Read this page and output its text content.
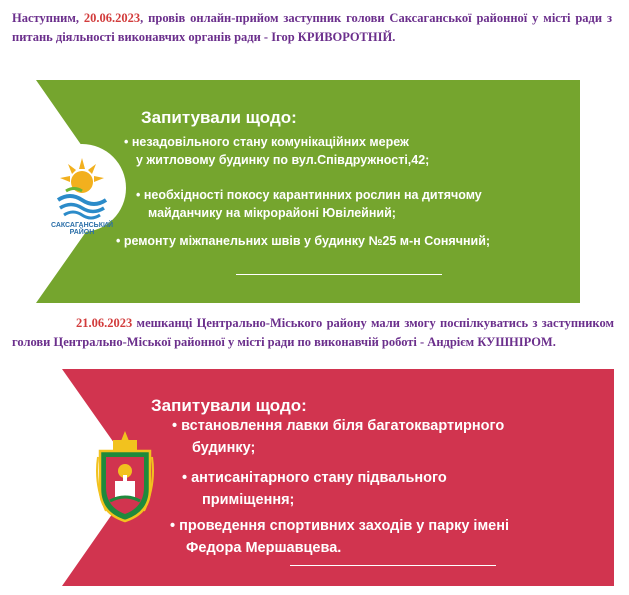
Наступним, 20.06.2023, провів онлайн-прийом заступник голови Саксаганської районної у місті ради з питань діяльності виконавчих органів ради - Ігор КРИВОРОТНІЙ.
САКСАГАНСЬКИЙ РАЙОН
Запитували щодо:
• незадовільного стану комунікаційних мереж
у житловому будинку по вул.Співдружності,42;
• необхідності покосу карантинних рослин на дитячому
майданчику на мікрорайоні Ювілейний;
• ремонту міжпанельних швів у будинку №25 м-н Сонячний;
21.06.2023 мешканці Центрально-Міського району мали змогу поспілкуватись з заступником голови Центрально-Міської районної у місті ради по виконавчій роботі - Андрієм КУШНІРОМ.
Запитували щодо:
• встановлення лавки біля багатоквартирного
будинку;
• антисанітарного стану підвального
приміщення;
• проведення спортивних заходів у парку імені
Федора Мершавцева.
